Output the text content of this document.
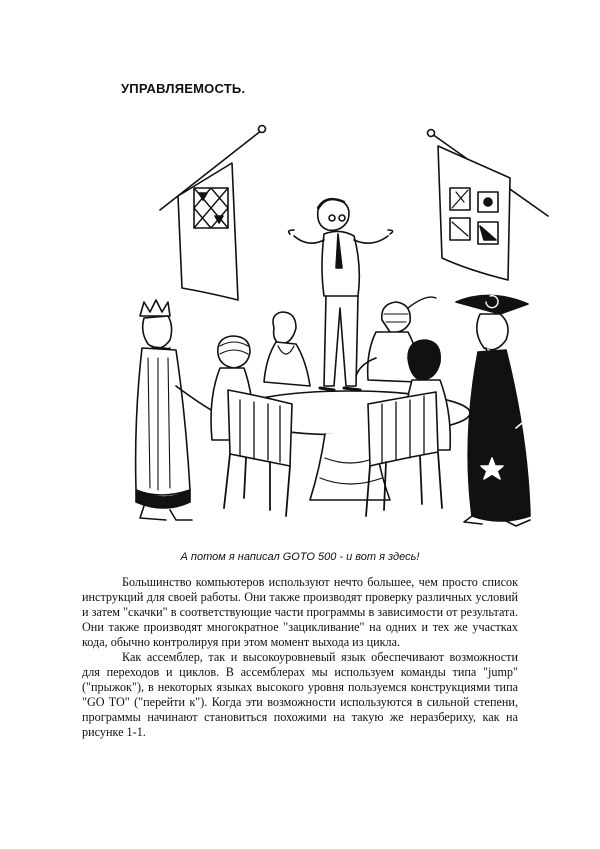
УПРАВЛЯЕМОСТЬ.
А потом я написал GOTO 500 - и вот я здесь!

Большинство компьютеров используют нечто большее, чем просто список инструкций для своей работы. Они также производят проверку различных условий и затем "скачки" в соответствующие части программы в зависимости от результата. Они также производят многократное "зацикливание" на одних и тех же участках кода, обычно контролируя при этом момент выхода из цикла.

Как ассемблер, так и высокоуровневый язык обеспечивают возможности для переходов и циклов. В ассемблерах мы используем команды типа "jump" ("прыжок"), в некоторых языках высокого уровня пользуемся конструкциями типа "GO TO" ("перейти к"). Когда эти возможности используются в сильной степени, программы начинают становиться похожими на такую же неразбериху, как на рисунке 1-1.
